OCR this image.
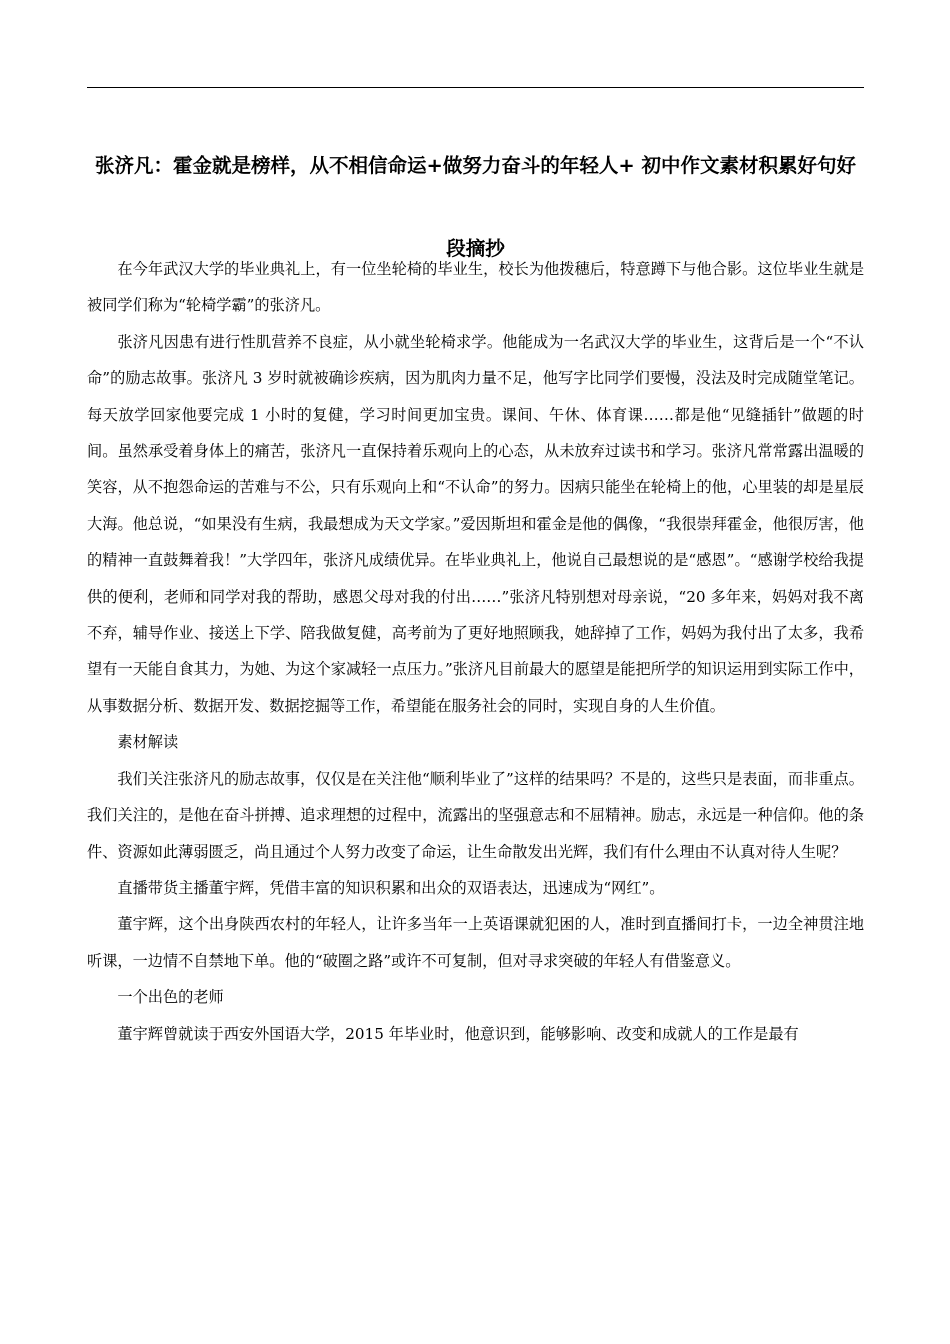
张济凡：霍金就是榜样，从不相信命运+做努力奋斗的年轻人+ 初中作文素材积累好句好段摘抄

在今年武汉大学的毕业典礼上，有一位坐轮椅的毕业生，校长为他拨穗后，特意蹲下与他合影。这位毕业生就是被同学们称为“轮椅学霸”的张济凡。

张济凡因患有进行性肌营养不良症，从小就坐轮椅求学。他能成为一名武汉大学的毕业生，这背后是一个“不认命”的励志故事。张济凡 3 岁时就被确诊疾病，因为肌肉力量不足，他写字比同学们要慢，没法及时完成随堂笔记。每天放学回家他要完成 1 小时的复健，学习时间更加宝贵。课间、午休、体育课……都是他“见缝插针”做题的时间。虽然承受着身体上的痛苦，张济凡一直保持着乐观向上的心态，从未放弃过读书和学习。张济凡常常露出温暖的笑容，从不抱怨命运的苦难与不公，只有乐观向上和“不认命”的努力。因病只能坐在轮椅上的他，心里装的却是星辰大海。他总说，“如果没有生病，我最想成为天文学家。”爱因斯坦和霍金是他的偶像，“我很崇拜霍金，他很厉害，他的精神一直鼓舞着我！”大学四年，张济凡成绩优异。在毕业典礼上，他说自己最想说的是“感恩”。“感谢学校给我提供的便利，老师和同学对我的帮助，感恩父母对我的付出……”张济凡特别想对母亲说，“20 多年来，妈妈对我不离不弃，辅导作业、接送上下学、陪我做复健，高考前为了更好地照顾我，她辞掉了工作，妈妈为我付出了太多，我希望有一天能自食其力，为她、为这个家减轻一点压力。”张济凡目前最大的愿望是能把所学的知识运用到实际工作中，从事数据分析、数据开发、数据挖掘等工作，希望能在服务社会的同时，实现自身的人生价值。

素材解读

我们关注张济凡的励志故事，仅仅是在关注他“顺利毕业了”这样的结果吗？不是的，这些只是表面，而非重点。我们关注的，是他在奋斗拼搏、追求理想的过程中，流露出的坚强意志和不屈精神。励志，永远是一种信仰。他的条件、资源如此薄弱匮乏，尚且通过个人努力改变了命运，让生命散发出光辉，我们有什么理由不认真对待人生呢？

直播带货主播董宇辉，凭借丰富的知识积累和出众的双语表达，迅速成为“网红”。

董宇辉，这个出身陕西农村的年轻人，让许多当年一上英语课就犯困的人，准时到直播间打卡，一边全神贯注地听课，一边情不自禁地下单。他的“破圈之路”或许不可复制，但对寻求突破的年轻人有借鉴意义。

一个出色的老师

董宇辉曾就读于西安外国语大学，2015 年毕业时，他意识到，能够影响、改变和成就人的工作是最有
